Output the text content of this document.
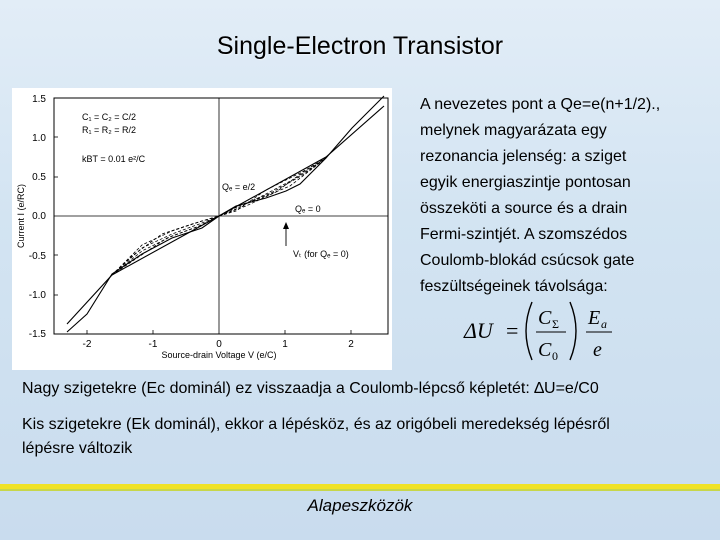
Single-Electron Transistor
1.5
1.0
0.5
0.0
-0.5
-1.0
-1.5
-2	-1	0	1	2
Source-drain Voltage V (e/C)
Current I (e/RC)
C₁ = C₂ = C/2
R₁ = R₂ = R/2
kBT = 0.01 e²/C
Qₑ = e/2
Qₑ = 0
Vₜ (for Qₑ = 0)
A nevezetes pont a Qe=e(n+1/2).,
melynek magyarázata egy
rezonancia jelenség: a sziget
egyik energiaszintje pontosan
összeköti a source és a drain
Fermi-szintjét. A szomszédos
Coulomb-blokád csúcsok gate
feszültségeinek távolsága:
ΔU = C Σ
C 0
E a
e
Nagy szigetekre (Ec dominál) ez visszaadja a Coulomb-lépcső képletét: ∆U=e/C0
Kis szigetekre (Ek dominál), ekkor a lépésköz, és az origóbeli meredekség lépésről
lépésre változik
Alapeszközök
